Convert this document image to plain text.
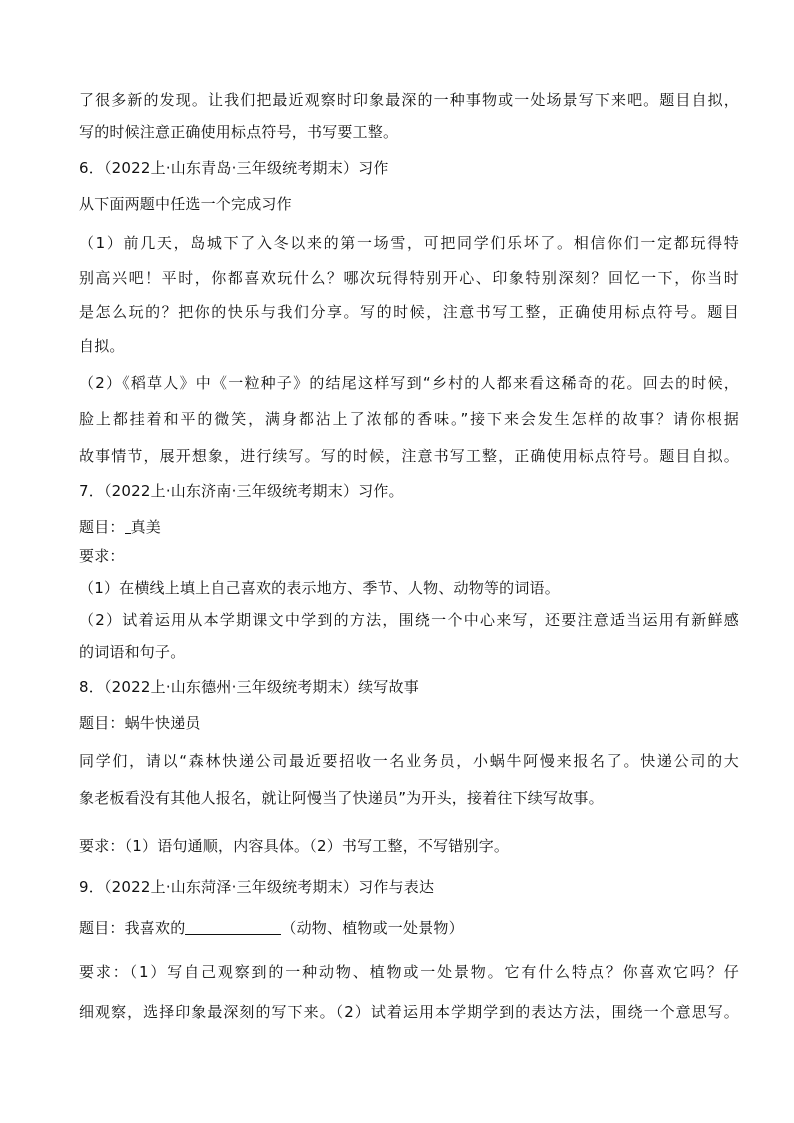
了很多新的发现。让我们把最近观察时印象最深的一种事物或一处场景写下来吧。题目自拟，
写的时候注意正确使用标点符号，书写要工整。
6．（2022上·山东青岛·三年级统考期末）习作
从下面两题中任选一个完成习作
（1）前几天，岛城下了入冬以来的第一场雪，可把同学们乐坏了。相信你们一定都玩得特
别高兴吧！平时，你都喜欢玩什么？哪次玩得特别开心、印象特别深刻？回忆一下，你当时
是怎么玩的？把你的快乐与我们分享。写的时候，注意书写工整，正确使用标点符号。题目
自拟。
（2）《稻草人》中《一粒种子》的结尾这样写到“乡村的人都来看这稀奇的花。回去的时候，
脸上都挂着和平的微笑，满身都沾上了浓郁的香味。”接下来会发生怎样的故事？请你根据
故事情节，展开想象，进行续写。写的时候，注意书写工整，正确使用标点符号。题目自拟。
7．（2022上·山东济南·三年级统考期末）习作。
题目： 真美
要求：
（1）在横线上填上自己喜欢的表示地方、季节、人物、动物等的词语。
（2）试着运用从本学期课文中学到的方法，围绕一个中心来写，还要注意适当运用有新鲜感
的词语和句子。
8．（2022上·山东德州·三年级统考期末）续写故事
题目：蜗牛快递员
同学们，请以“森林快递公司最近要招收一名业务员，小蜗牛阿慢来报名了。快递公司的大
象老板看没有其他人报名，就让阿慢当了快递员”为开头，接着往下续写故事。
要求：（1）语句通顺，内容具体。（2）书写工整，不写错别字。
9．（2022上·山东菏泽·三年级统考期末）习作与表达
题目：我喜欢的	（动物、植物或一处景物）
要求：（1）写自己观察到的一种动物、植物或一处景物。它有什么特点？你喜欢它吗？仔
细观察，选择印象最深刻的写下来。（2）试着运用本学期学到的表达方法，围绕一个意思写。
